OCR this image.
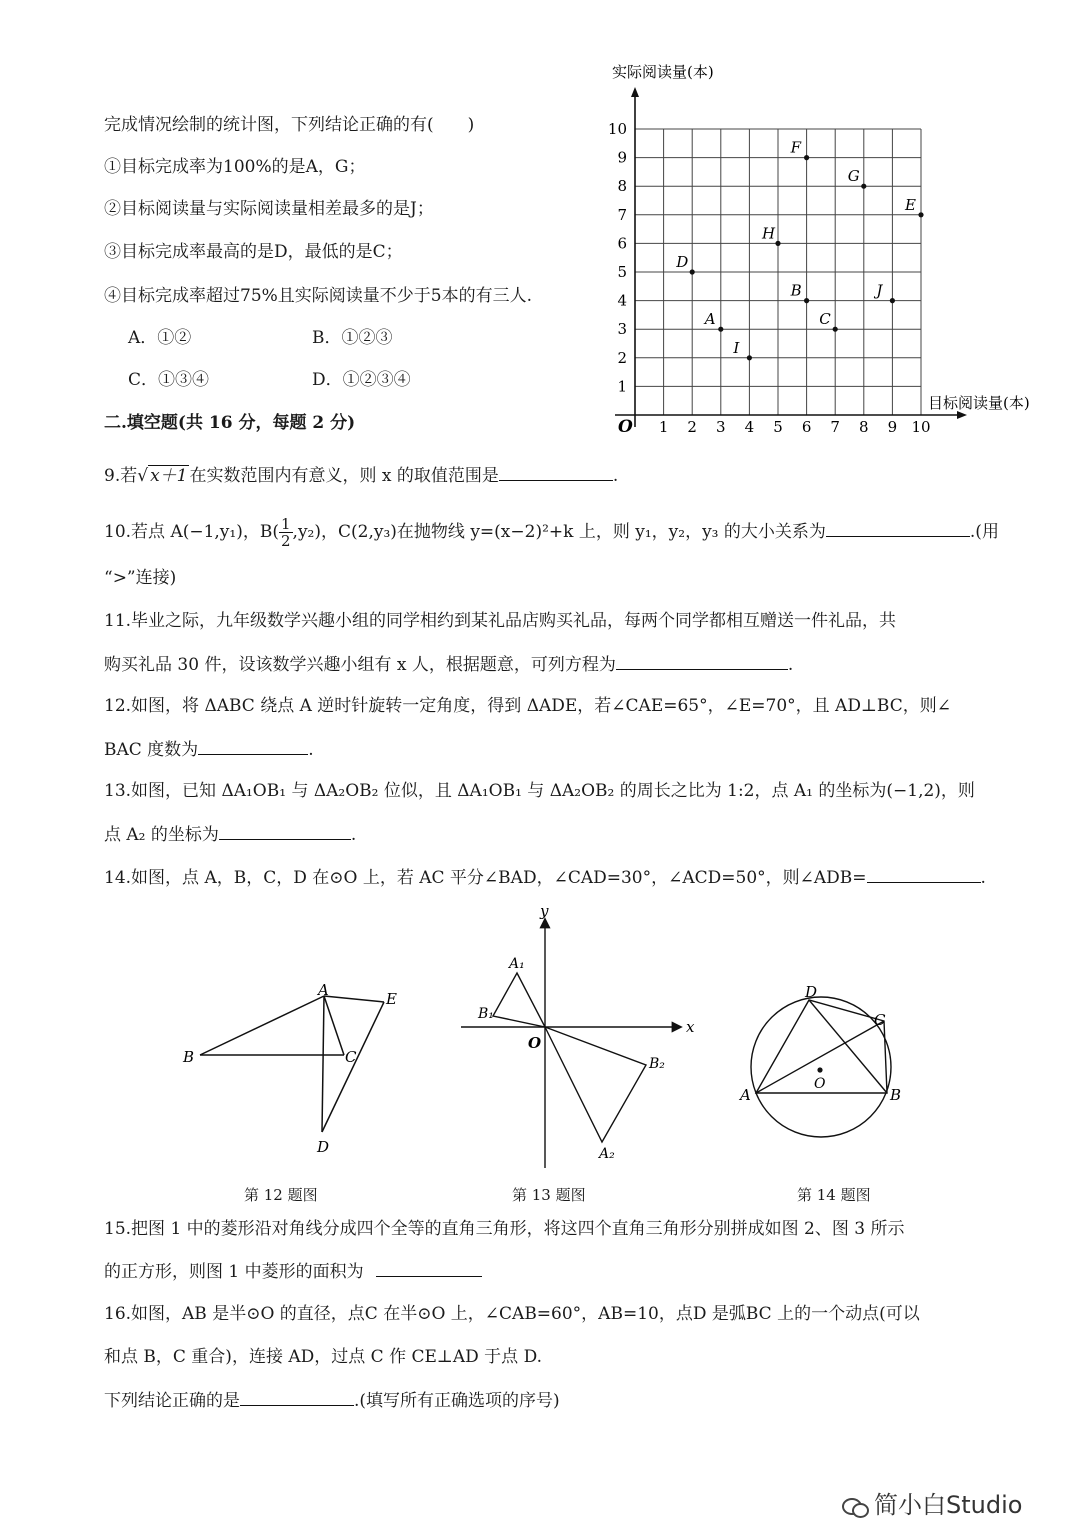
完成情况绘制的统计图，下列结论正确的有(　　)
①目标完成率为100%的是A，G；
②目标阅读量与实际阅读量相差最多的是J；
③目标完成率最高的是D，最低的是C；
④目标完成率超过75%且实际阅读量不少于5本的有三人.
A．①②	B．①②③
C．①③④	D．①②③④
1 2 3 4 5 6 7 8 9 10
1
2
3
4
5
6
7
8
9
10
A
B
C
D
E
F
G
H
I
J
实际阅读量(本)
目标阅读量(本)
O
二.填空题(共 16 分，每题 2 分)
9.若√ x＋1 在实数范围内有意义，则 x 的取值范围是	.
10.若点 A(−1,y₁)，$B( \frac{1}{2} ,y_2)$，C(2,y₃)在抛物线 y=(x−2)²+k 上，则 y₁，y₂，y₃ 的大小关系为	.(用
“>”连接)
11.毕业之际，九年级数学兴趣小组的同学相约到某礼品店购买礼品，每两个同学都相互赠送一件礼品，共
购买礼品 30 件，设该数学兴趣小组有 x 人，根据题意，可列方程为	.
12.如图，将 ΔABC 绕点 A 逆时针旋转一定角度，得到 ΔADE，若∠CAE=65°，∠E=70°，且 AD⊥BC，则∠
BAC 度数为	.
13.如图，已知 ΔA₁OB₁ 与 ΔA₂OB₂ 位似，且 ΔA₁OB₁ 与 ΔA₂OB₂ 的周长之比为 1:2，点 A₁ 的坐标为(−1,2)，则
点 A₂ 的坐标为	.
14.如图，点 A，B，C，D 在⊙O 上，若 AC 平分∠BAD，∠CAD=30°，∠ACD=50°，则∠ADB=	.
A
B	C
D
E
第 12 题图
x
y
O
A₁
B₁
A₂
B₂
第 13 题图
O
A	B
C
D
第 14 题图
15.把图 1 中的菱形沿对角线分成四个全等的直角三角形，将这四个直角三角形分别拼成如图 2、图 3 所示
的正方形，则图 1 中菱形的面积为
16.如图，AB 是半⊙O 的直径，点C 在半⊙O 上，∠CAB=60°，AB=10，点D 是弧BC 上的一个动点(可以
和点 B，C 重合)，连接 AD，过点 C 作 CE⊥AD 于点 D.
下列结论正确的是	.(填写所有正确选项的序号)
简小白Studio
